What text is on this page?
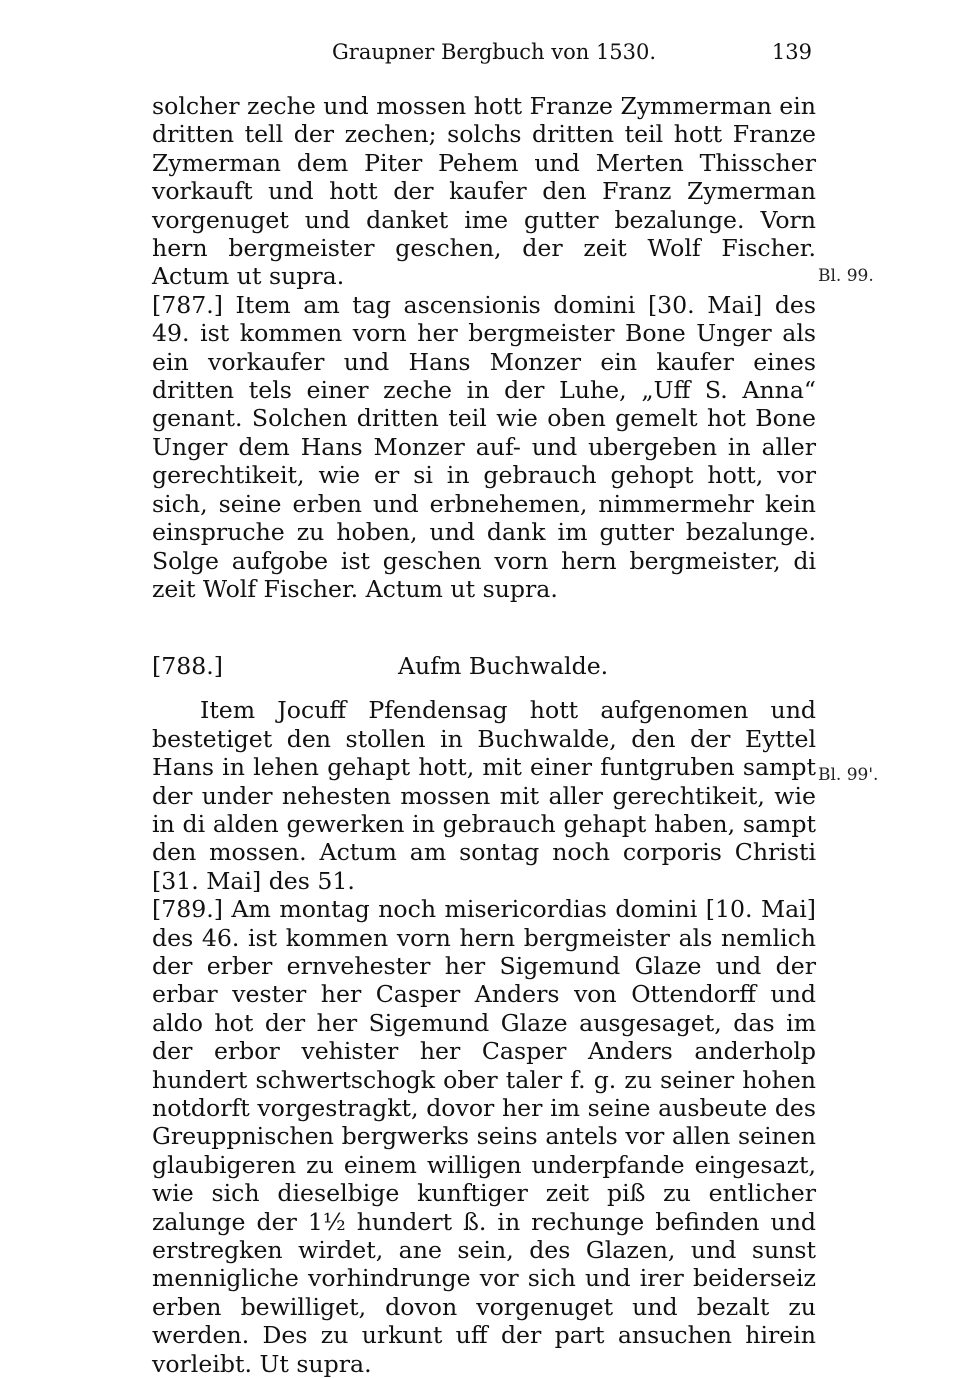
Graupner Bergbuch von 1530.	139
Bl. 99.
Bl. 99'.

solcher zeche und mossen hott Franze Zymmerman ein dritten tell der zechen; solchs dritten teil hott Franze Zymerman dem Piter Pehem und Merten Thisscher vorkauft und hott der kaufer den Franz Zymerman vorgenuget und danket ime gutter bezalunge. Vorn hern bergmeister geschen, der zeit Wolf Fischer. Actum ut supra.

[787.] Item am tag ascensionis domini [30. Mai] des 49. ist kommen vorn her bergmeister Bone Unger als ein vorkaufer und Hans Monzer ein kaufer eines dritten tels einer zeche in der Luhe, „Uff S. Anna“ genant. Solchen dritten teil wie oben gemelt hot Bone Unger dem Hans Monzer auf- und ubergeben in aller gerechtikeit, wie er si in gebrauch gehopt hott, vor sich, seine erben und erbnehemen, nimmermehr kein einspruche zu hoben, und dank im gutter bezalunge. Solge aufgobe ist geschen vorn hern bergmeister, di zeit Wolf Fischer. Actum ut supra.

[788.]	Aufm Buchwalde.

Item Jocuff Pfendensag hott aufgenomen und bestetiget den stollen in Buchwalde, den der Eyttel Hans in lehen gehapt hott, mit einer funtgruben sampt der under nehesten mossen mit aller gerechtikeit, wie in di alden gewerken in gebrauch gehapt haben, sampt den mossen. Actum am sontag noch corporis Christi [31. Mai] des 51.

[789.] Am montag noch misericordias domini [10. Mai] des 46. ist kommen vorn hern bergmeister als nemlich der erber ernvehester her Sigemund Glaze und der erbar vester her Casper Anders von Ottendorff und aldo hot der her Sigemund Glaze ausgesaget, das im der erbor vehister her Casper Anders anderholp hundert schwertschogk ober taler f. g. zu seiner hohen notdorft vorgestragkt, dovor her im seine ausbeute des Greuppnischen bergwerks seins antels vor allen seinen glaubigeren zu einem willigen underpfande eingesazt, wie sich dieselbige kunftiger zeit piß zu entlicher zalunge der 1½ hundert ß. in rechunge befinden und erstregken wirdet, ane sein, des Glazen, und sunst mennigliche vorhindrunge vor sich und irer beiderseiz erben bewilliget, dovon vorgenuget und bezalt zu werden. Des zu urkunt uff der part ansuchen hirein vorleibt. Ut supra.
